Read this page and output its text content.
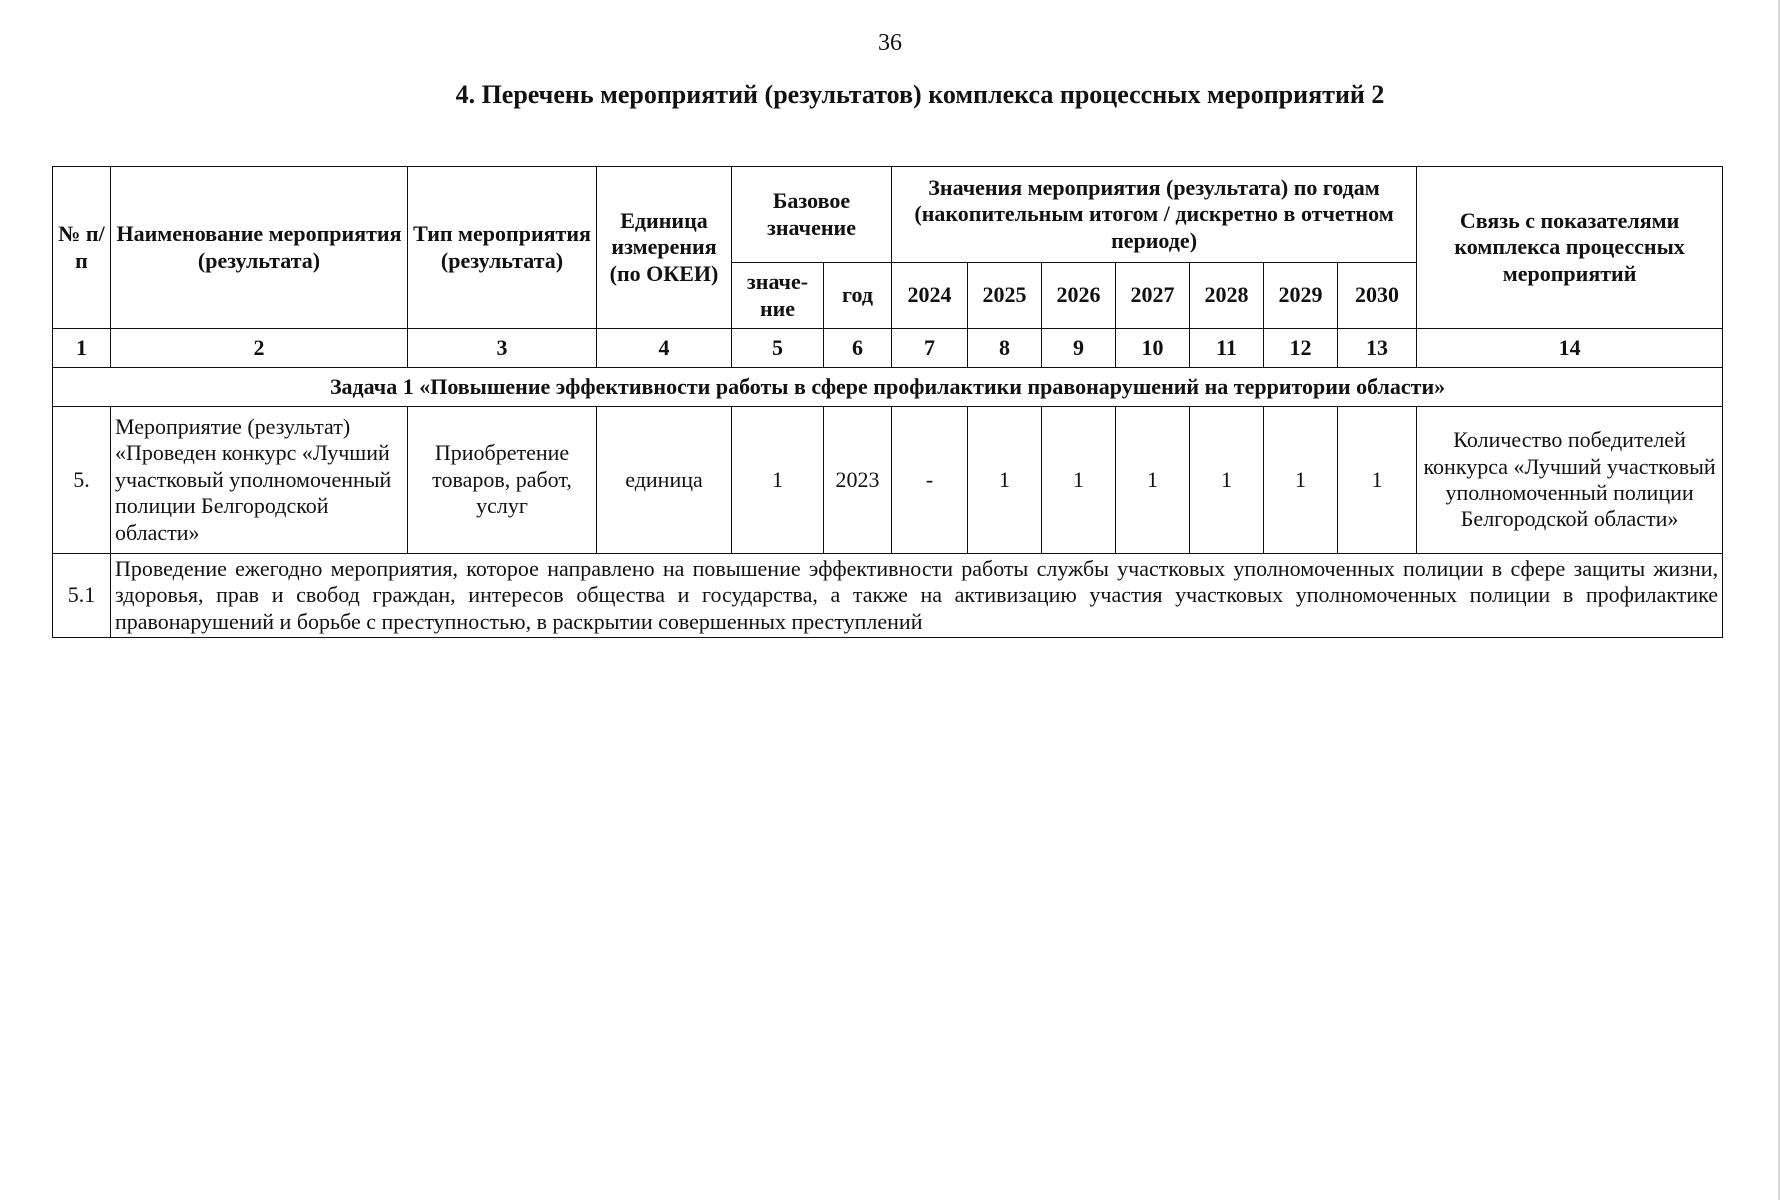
36
4. Перечень мероприятий (результатов) комплекса процессных мероприятий 2
№ п/п	Наименование мероприятия (результата)	Тип мероприятия (результата)	Единица измерения (по ОКЕИ)	Базовое значение		Значения мероприятия (результата) по годам (накопительным итогом / дискретно в отчетном периоде)							Связь с показателями комплекса процессных мероприятий
				значе-ние	год	2024	2025	2026	2027	2028	2029	2030	
1	2	3	4	5	6	7	8	9	10	11	12	13	14
Задача 1 «Повышение эффективности работы в сфере профилактики правонарушений на территории области»													
5.	Мероприятие (результат) «Проведен конкурс «Лучший участковый уполномоченный полиции Белгородской области»	Приобретение товаров, работ, услуг	единица	1	2023	-	1	1	1	1	1	1	Количество победителей конкурса «Лучший участковый уполномоченный полиции Белгородской области»
5.1	Проведение ежегодно мероприятия, которое направлено на повышение эффективности работы службы участковых уполномоченных полиции в сфере защиты жизни, здоровья, прав и свобод граждан, интересов общества и государства, а также на активизацию участия участковых уполномоченных полиции в профилактике правонарушений и борьбе с преступностью, в раскрытии совершенных преступлений												
